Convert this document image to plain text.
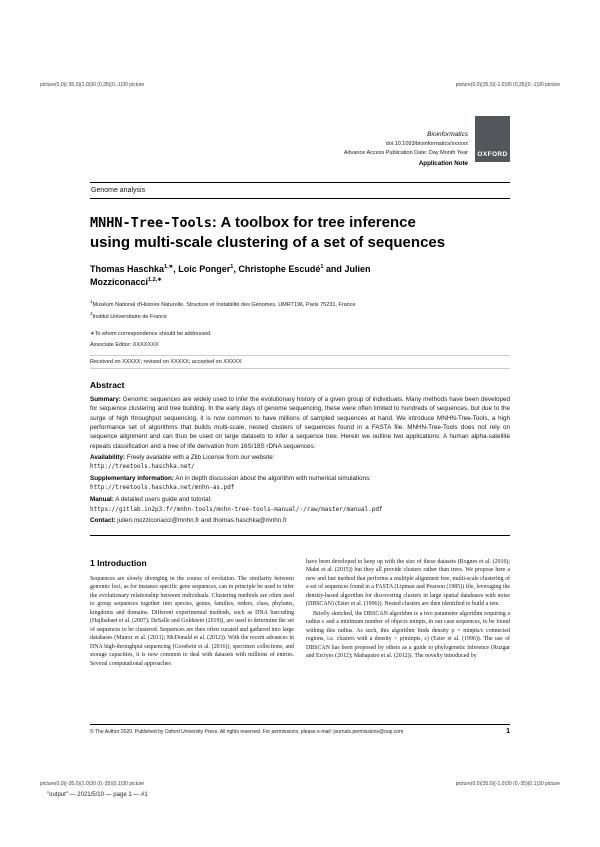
picture(0,0)(-35,0)(1,0)30 (0,35)(0,-1)30 picture	picture(0,0)(35,0)(-1,0)30 (0,35)(0,-1)30 picture
Bioinformatics
doi.10.1093/bioinformatics/xxxxxx
Advance Access Publication Date: Day Month Year
Application Note
OXFORD
Genome analysis
MNHN-Tree-Tools: A toolbox for tree inference
using multi-scale clustering of a set of sequences
Thomas Haschka$^{1,∗}$, Loic Ponger$^1$, Christophe Escudé$^1$ and Julien Mozziconacci$^{1,2,∗}$
$^1$Muséum National d'Histoire Naturelle, Structure et Instabilité des Génomes, UMR7196, Paris 75231, France
$^2$Institut Universitaire de France
∗To whom correspondence should be addressed.
Associate Editor: XXXXXXX
Received on XXXXX; revised on XXXXX; accepted on XXXXX
Abstract

Summary: Genomic sequences are widely used to infer the evolutionary history of a given group of individuals. Many methods have been developed for sequence clustering and tree building. In the early days of genome sequencing, these were often limited to hundreds of sequences, but due to the surge of high throughput sequencing, it is now common to have millions of sampled sequences at hand. We introduce MNHN-Tree-Tools, a high performance set of algorithms that builds multi-scale, nested clusters of sequences found in a FASTA file. MNHN-Tree-Tools does not rely on sequence alignment and can thus be used on large datasets to infer a sequence tree. Herein we outline two applications: A human alpha-satellite repeats classification and a tree of life derivation from 16S/18S rDNA sequences.

Availability: Freely available with a Zlib License from our website:
http://treetools.haschka.net/

Supplementary information: An in depth discussion about the algorithm with numerical simulations:
http://treetools.haschka.net/mnhn-as.pdf

Manual: A detailed users guide and tutorial:
https://gitlab.in2p3.fr/mnhn-tools/mnhn-tree-tools-manual/-/raw/master/manual.pdf

Contact: julien.mozziconacci@mnhn.fr and thomas.haschka@mnhn.fr

1 Introduction

Sequences are slowly diverging in the course of evolution. The similarity between genomic loci, as for instance specific gene sequences, can in principle be used to infer the evolutionary relationship between individuals. Clustering methods are often used to group sequences together into species, genus, families, orders, class, phylums, kingdoms and domains. Different experimental methods, such as DNA barcoding (Hajibabaei et al. (2007); DeSalle and Goldstein (2019)), are used to determine the set of sequences to be clustered. Sequences are then often curated and gathered into large databases (Munoz et al. (2011); McDonald et al. (2012)). With the recent advances in DNA high-throughput sequencing (Goodwin et al. (2016)), specimen collections, and storage capacities, it is now common to deal with datasets with millions of entries. Several computational approaches

have been developed to keep up with the size of these datasets (Rognes et al. (2016); Mahé et al. (2015)) but they all provide clusters rather than trees. We propose here a new and fast method that performs a multiple alignment free, multi-scale clustering of a set of sequences found in a FASTA (Lipman and Pearson (1985)) file, leveraging the density-based algorithm for discovering clusters in large spatial databases with noise (DBSCAN) (Ester et al. (1996)). Nested clusters are then identified to build a tree.

Briefly sketched, the DBSCAN algorithm is a two parameter algorithm requiring a radius ε and a minimum number of objects minpts, in our case sequences, to be found withing this radius. As such, this algorithm finds density ρ = minpts/ε connected regions, i.e. clusters with a density > ρ(minpts, ε) (Ester et al. (1996)). The use of DBSCAN has been proposed by others as a guide to phylogenetic inference (Ruzgar and Erciyes (2012); Mahapatro et al. (2012)). The novelty introduced by

© The Author 2020. Published by Oxford University Press. All rights reserved. For permissions, please e-mail: journals.permissions@oup.com	1
picture(0,0)(-35,0)(1,0)30 (0,-35)(0,1)30 picture	picture(0,0)(35,0)(-1,0)30 (0,-35)(0,1)30 picture
"output" — 2021/5/10 — page 1 — #1
